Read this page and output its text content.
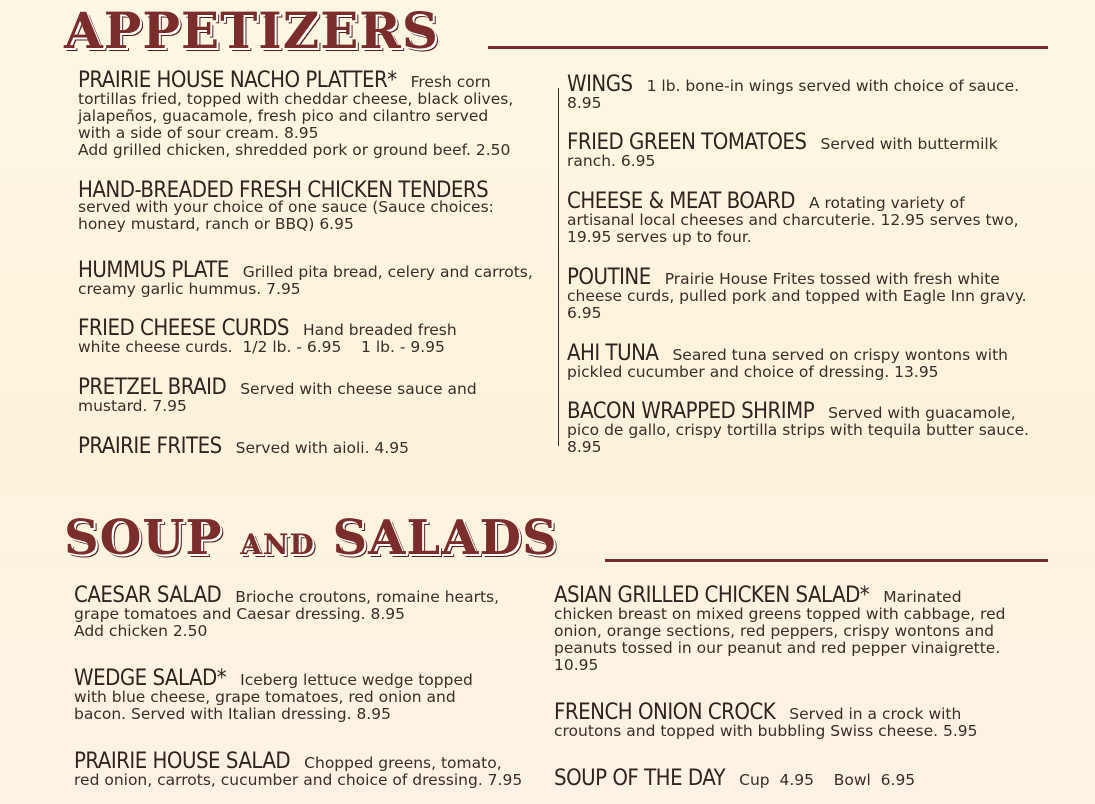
APPETIZERS
PRAIRIE HOUSE NACHO PLATTER* Fresh corn tortillas fried, topped with cheddar cheese, black olives, jalapeños, guacamole, fresh pico and cilantro served with a side of sour cream. 8.95
Add grilled chicken, shredded pork or ground beef. 2.50
HAND-BREADED FRESH CHICKEN TENDERS
served with your choice of one sauce (Sauce choices: honey mustard, ranch or BBQ) 6.95
HUMMUS PLATE Grilled pita bread, celery and carrots, creamy garlic hummus. 7.95
FRIED CHEESE CURDS Hand breaded fresh white cheese curds.  1/2 lb. - 6.95    1 lb. - 9.95
PRETZEL BRAID Served with cheese sauce and mustard. 7.95
PRAIRIE FRITES Served with aioli. 4.95
WINGS 1 lb. bone-in wings served with choice of sauce. 8.95
FRIED GREEN TOMATOES Served with buttermilk ranch. 6.95
CHEESE & MEAT BOARD A rotating variety of artisanal local cheeses and charcuterie. 12.95 serves two, 19.95 serves up to four.
POUTINE Prairie House Frites tossed with fresh white cheese curds, pulled pork and topped with Eagle Inn gravy. 6.95
AHI TUNA Seared tuna served on crispy wontons with pickled cucumber and choice of dressing. 13.95
BACON WRAPPED SHRIMP Served with guacamole, pico de gallo, crispy tortilla strips with tequila butter sauce. 8.95
SOUP AND SALADS
CAESAR SALAD Brioche croutons, romaine hearts, grape tomatoes and Caesar dressing. 8.95
Add chicken 2.50
WEDGE SALAD* Iceberg lettuce wedge topped with blue cheese, grape tomatoes, red onion and bacon. Served with Italian dressing. 8.95
PRAIRIE HOUSE SALAD Chopped greens, tomato, red onion, carrots, cucumber and choice of dressing. 7.95
ASIAN GRILLED CHICKEN SALAD* Marinated chicken breast on mixed greens topped with cabbage, red onion, orange sections, red peppers, crispy wontons and peanuts tossed in our peanut and red pepper vinaigrette. 10.95
FRENCH ONION CROCK Served in a crock with croutons and topped with bubbling Swiss cheese. 5.95
SOUP OF THE DAY Cup  4.95    Bowl  6.95
